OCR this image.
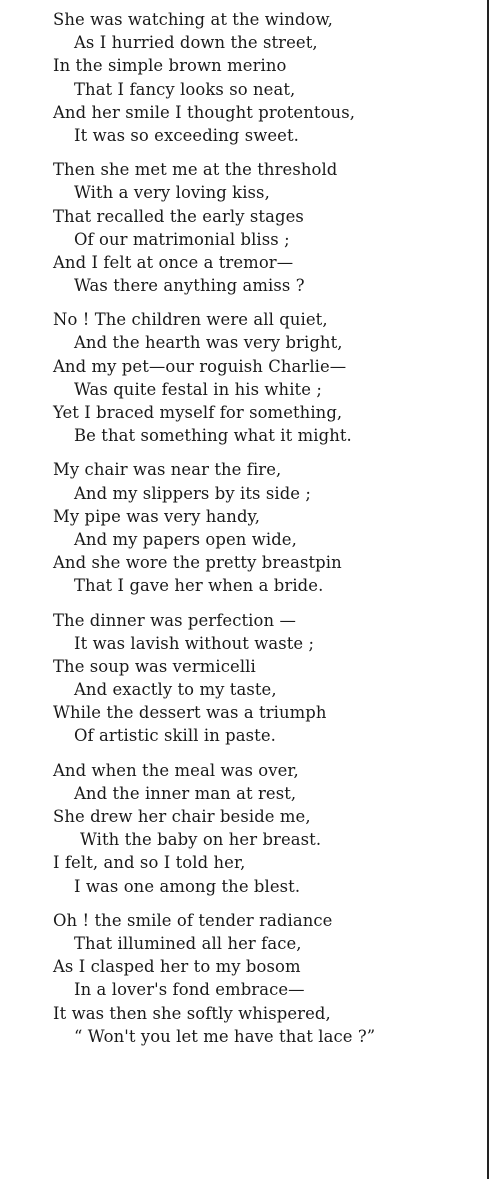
She was watching at the window,
As I hurried down the street,
In the simple brown merino
That I fancy looks so neat,
And her smile I thought protentous,
It was so exceeding sweet.
Then she met me at the threshold
With a very loving kiss,
That recalled the early stages
Of our matrimonial bliss ;
And I felt at once a tremor—
Was there anything amiss ?
No ! The children were all quiet,
And the hearth was very bright,
And my pet—our roguish Charlie—
Was quite festal in his white ;
Yet I braced myself for something,
Be that something what it might.
My chair was near the fire,
And my slippers by its side ;
My pipe was very handy,
And my papers open wide,
And she wore the pretty breastpin
That I gave her when a bride.
The dinner was perfection —
It was lavish without waste ;
The soup was vermicelli
And exactly to my taste,
While the dessert was a triumph
Of artistic skill in paste.
And when the meal was over,
And the inner man at rest,
She drew her chair beside me,
With the baby on her breast.
I felt, and so I told her,
I was one among the blest.
Oh ! the smile of tender radiance
That illumined all her face,
As I clasped her to my bosom
In a lover's fond embrace—
It was then she softly whispered,
“ Won't you let me have that lace ?”
